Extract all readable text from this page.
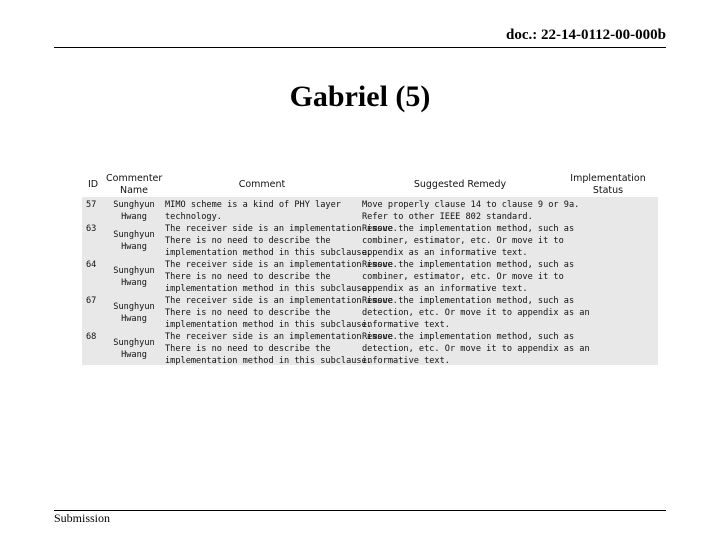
doc.: 22-14-0112-00-000b
Gabriel (5)
ID
Commenter
Name
Comment	Suggested Remedy
Implementation
Status
57	Sunghyun
Hwang
MIMO scheme is a kind of PHY layer
technology.
Move properly clause 14 to clause 9 or 9a.
Refer to other IEEE 802 standard.
63
Sunghyun
Hwang
The receiver side is an implementation issue.
There is no need to describe the
implementation method in this subclause.
Remove the implementation method, such as
combiner, estimator, etc. Or move it to
appendix as an informative text.
64
Sunghyun
Hwang
The receiver side is an implementation issue.
There is no need to describe the
implementation method in this subclause.
Remove the implementation method, such as
combiner, estimator, etc. Or move it to
appendix as an informative text.
67
Sunghyun
Hwang
The receiver side is an implementation issue.
There is no need to describe the
implementation method in this subclause.
Remove the implementation method, such as
detection, etc. Or move it to appendix as an
informative text.
68
Sunghyun
Hwang
The receiver side is an implementation issue.
There is no need to describe the
implementation method in this subclause.
Remove the implementation method, such as
detection, etc. Or move it to appendix as an
informative text.
Submission
